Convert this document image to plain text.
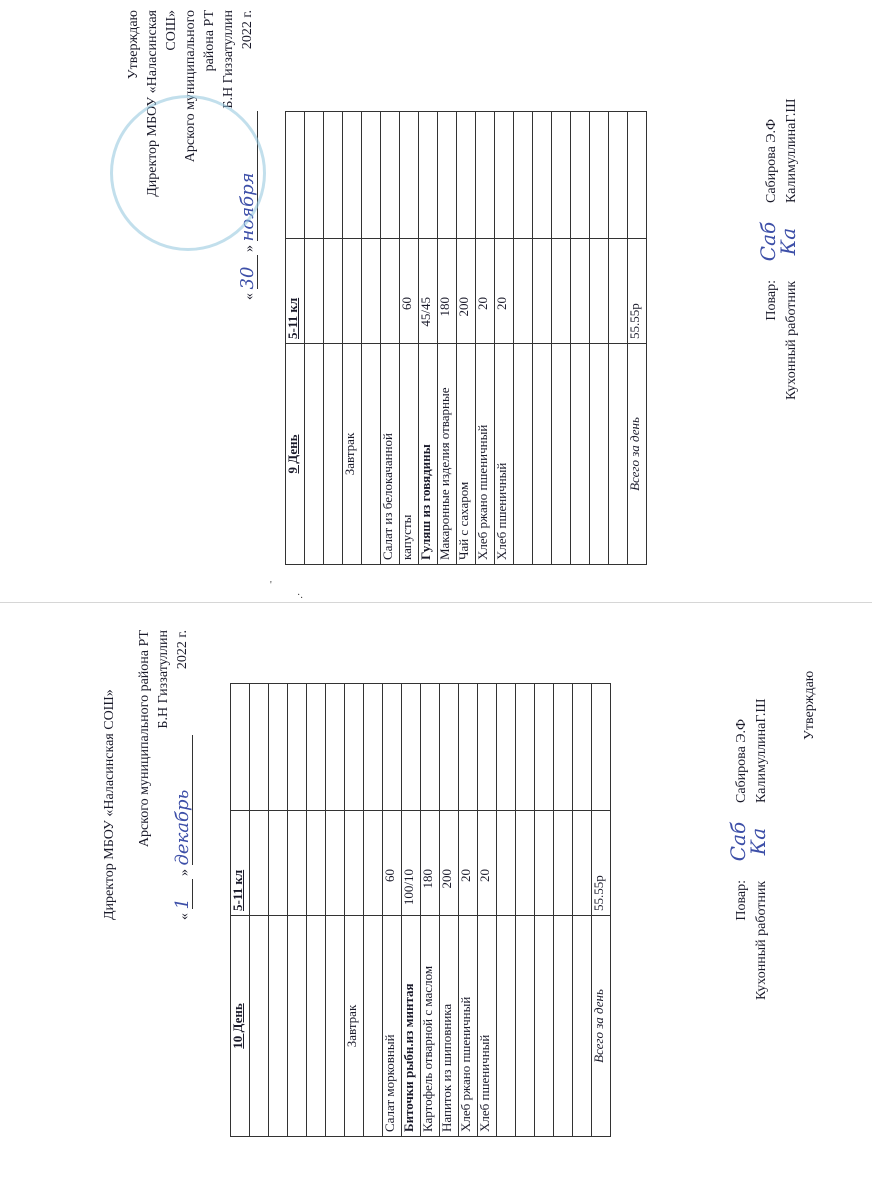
Утверждаю Директор МБОУ «Наласинская СОШ» Арского муниципального района РТ Б.Н Гиззатуллин
« 30 » ноября
2022 г.
9 День	5-11 кл	

Завтрак		

Салат из белокачанной		
капусты	60	
Гуляш из говядины	45/45	
Макаронные изделия отварные	180	
Чай с сахаром	200	
Хлеб ржано пшеничный	20	
Хлеб пшеничный	20	

Всего за день	55.55р	
Повар: Саб Сабирова Э.Ф
Кухонный работник Ка КалимуллинаГ.Ш
Директор МБОУ «Наласинская СОШ» Арского муниципального района РТ Б.Н Гиззатуллин
« 1 » декабрь
2022 г.
10 День	5-11 кл	

Завтрак		

Салат морковный	60	
Биточки рыбн.из минтая	100/10	
Картофель отварной с маслом	180	
Напиток из шиповника	200	
Хлеб ржано пшеничный	20	
Хлеб пшеничный	20	

Всего за день	55.55р		Повар: Саб Сабирова Э.Ф
Кухонный работник Ка КалимуллинаГ.Ш Утверждаю
'
·.
